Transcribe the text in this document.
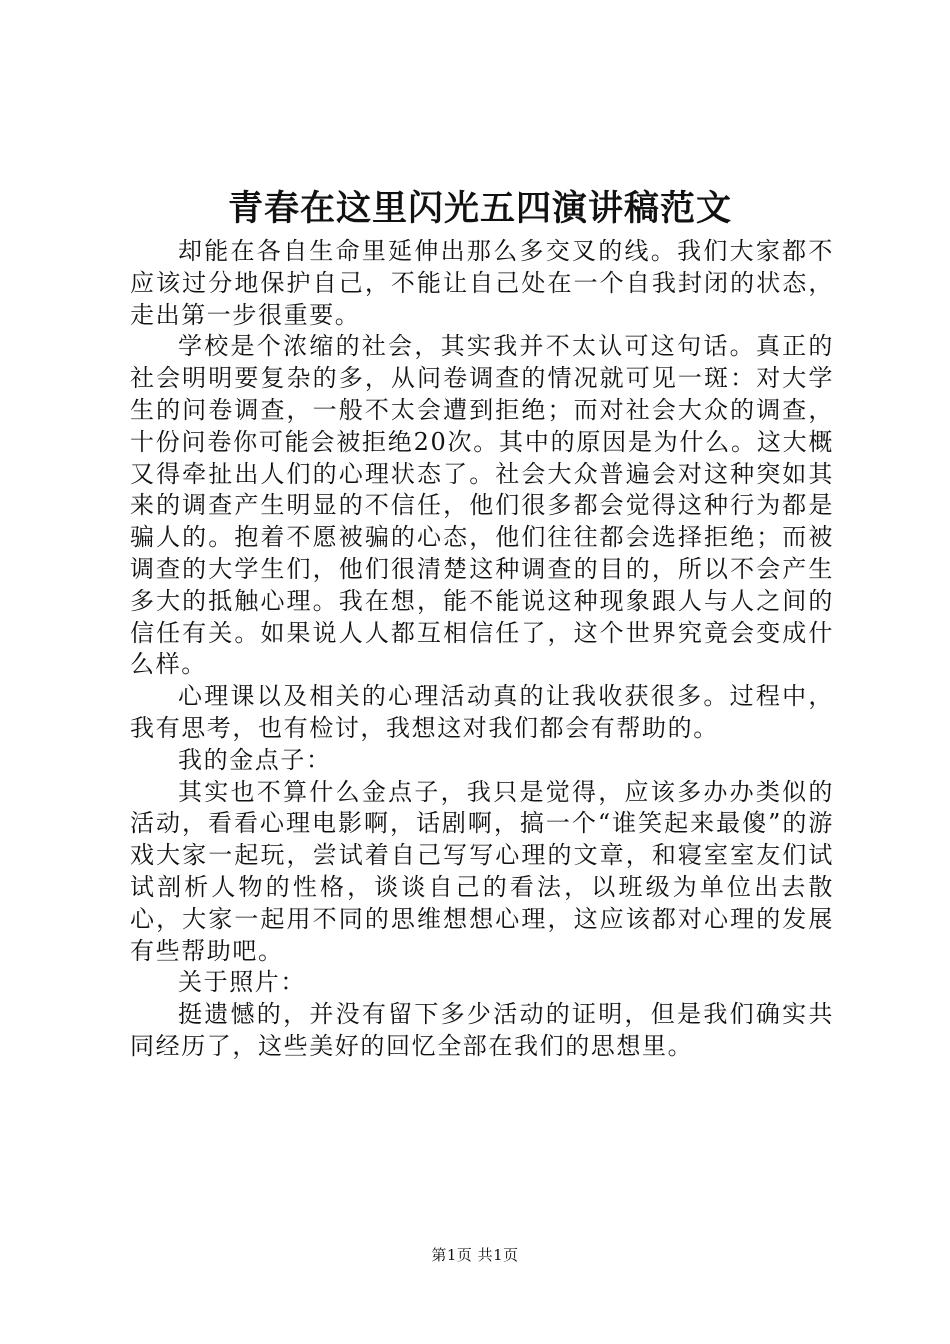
青春在这里闪光五四演讲稿范文

却能在各自生命里延伸出那么多交叉的线。我们大家都不应该过分地保护自己，不能让自己处在一个自我封闭的状态，走出第一步很重要。

学校是个浓缩的社会，其实我并不太认可这句话。真正的社会明明要复杂的多，从问卷调查的情况就可见一斑：对大学生的问卷调查，一般不太会遭到拒绝；而对社会大众的调查，十份问卷你可能会被拒绝20次。其中的原因是为什么。这大概又得牵扯出人们的心理状态了。社会大众普遍会对这种突如其来的调查产生明显的不信任，他们很多都会觉得这种行为都是骗人的。抱着不愿被骗的心态，他们往往都会选择拒绝；而被调查的大学生们，他们很清楚这种调查的目的，所以不会产生多大的抵触心理。我在想，能不能说这种现象跟人与人之间的信任有关。如果说人人都互相信任了，这个世界究竟会变成什么样。

心理课以及相关的心理活动真的让我收获很多。过程中，我有思考，也有检讨，我想这对我们都会有帮助的。

我的金点子：

其实也不算什么金点子，我只是觉得，应该多办办类似的活动，看看心理电影啊，话剧啊，搞一个“谁笑起来最傻”的游戏大家一起玩，尝试着自己写写心理的文章，和寝室室友们试试剖析人物的性格，谈谈自己的看法，以班级为单位出去散心，大家一起用不同的思维想想心理，这应该都对心理的发展有些帮助吧。

关于照片：

挺遗憾的，并没有留下多少活动的证明，但是我们确实共同经历了，这些美好的回忆全部在我们的思想里。

第1页 共1页
